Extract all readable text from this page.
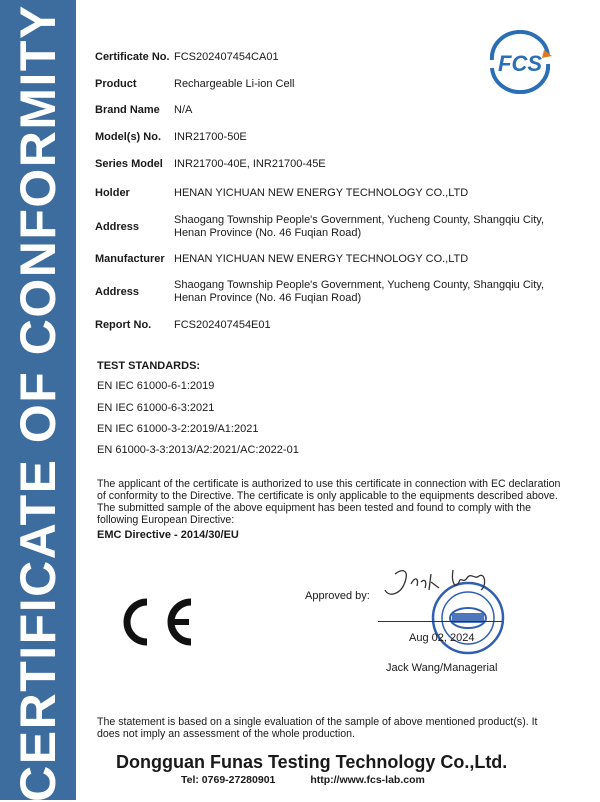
CERTIFICATE OF CONFORMITY	FCS
Certificate No. FCS202407454CA01
Product	Rechargeable Li-ion Cell
Brand Name N/A
Model(s) No. INR21700-50E
Series Model INR21700-40E, INR21700-45E
Holder	HENAN YICHUAN NEW ENERGY TECHNOLOGY CO.,LTD
Address
Shaogang Township People's Government, Yucheng County, Shangqiu City,
Henan Province (No. 46 Fuqian Road)
Manufacturer HENAN YICHUAN NEW ENERGY TECHNOLOGY CO.,LTD
Address
Shaogang Township People's Government, Yucheng County, Shangqiu City,
Henan Province (No. 46 Fuqian Road)
Report No. FCS202407454E01
TEST STANDARDS:
EN IEC 61000-6-1:2019
EN IEC 61000-6-3:2021
EN IEC 61000-3-2:2019/A1:2021
EN 61000-3-3:2013/A2:2021/AC:2022-01
The applicant of the certificate is authorized to use this certificate in connection with EC declaration
of conformity to the Directive. The certificate is only applicable to the equipments described above.
The submitted sample of the above equipment has been tested and found to comply with the
following European Directive:
EMC Directive - 2014/30/EU
Approved by:
Aug 02, 2024
Jack Wang/Managerial
The statement is based on a single evaluation of the sample of above mentioned product(s). It
does not imply an assessment of the whole production.
Dongguan Funas Testing Technology Co.,Ltd.
Tel: 0769-27280901	http://www.fcs-lab.com
